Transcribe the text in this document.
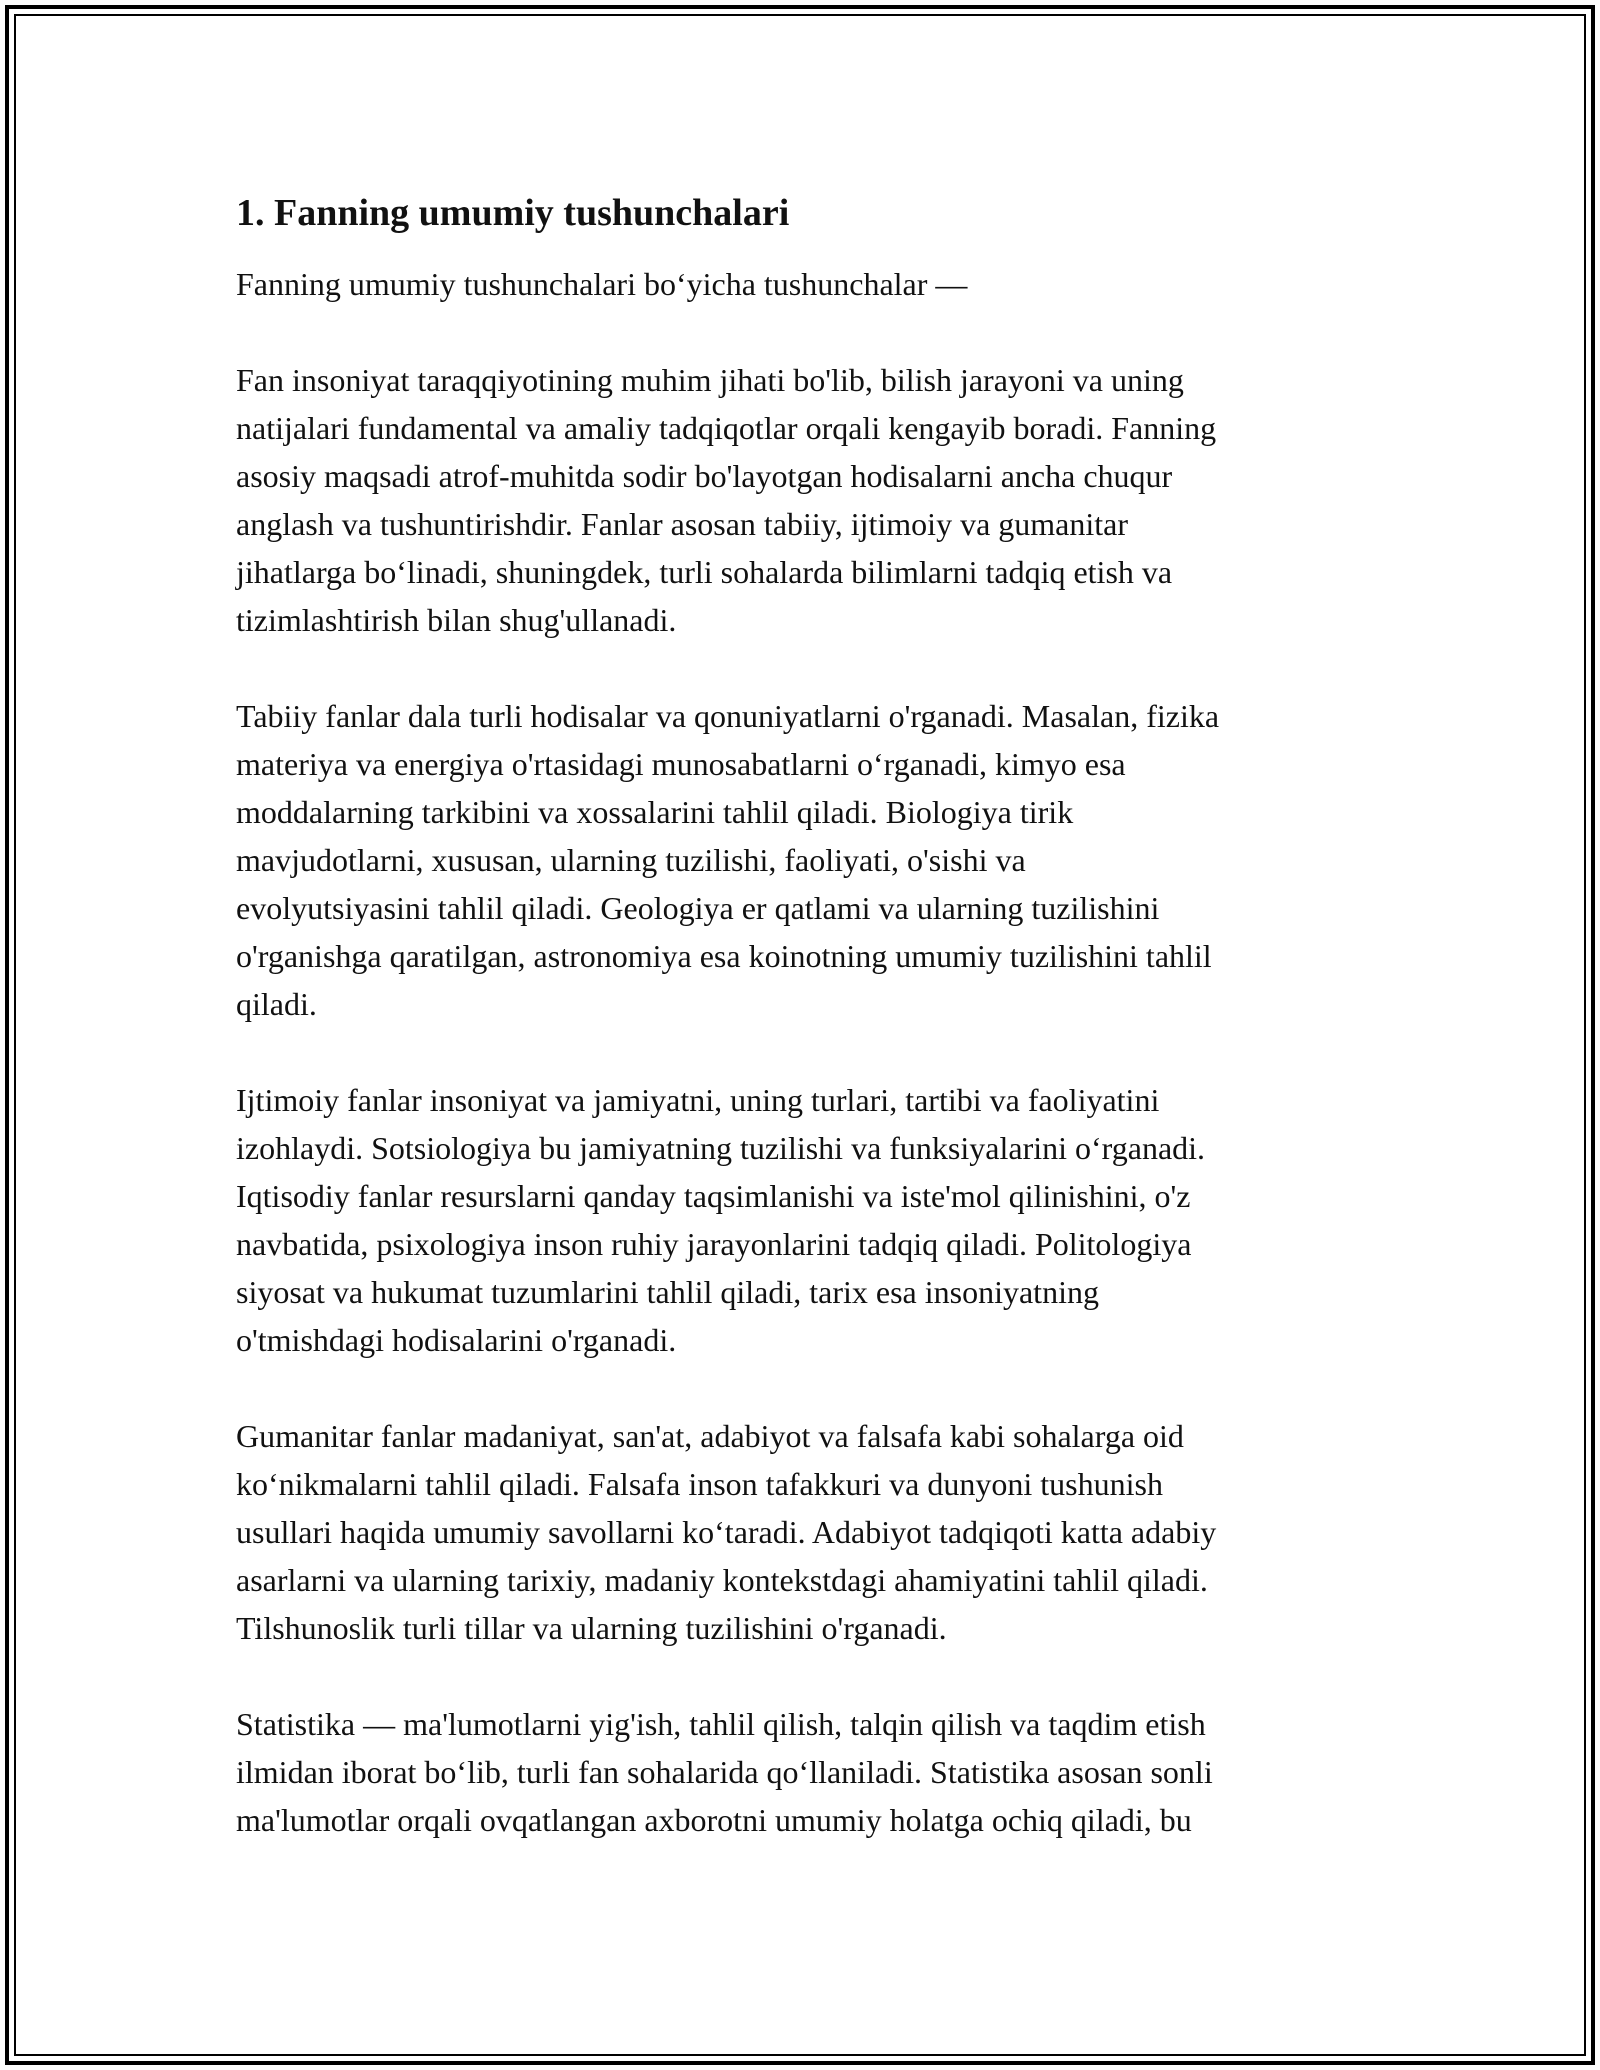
1. Fanning umumiy tushunchalari

Fanning umumiy tushunchalari bo‘yicha tushunchalar —

Fan insoniyat taraqqiyotining muhim jihati bo'lib, bilish jarayoni va uning
natijalari fundamental va amaliy tadqiqotlar orqali kengayib boradi. Fanning
asosiy maqsadi atrof-muhitda sodir bo'layotgan hodisalarni ancha chuqur
anglash va tushuntirishdir. Fanlar asosan tabiiy, ijtimoiy va gumanitar
jihatlarga bo‘linadi, shuningdek, turli sohalarda bilimlarni tadqiq etish va
tizimlashtirish bilan shug'ullanadi.

Tabiiy fanlar dala turli hodisalar va qonuniyatlarni o'rganadi. Masalan, fizika
materiya va energiya o'rtasidagi munosabatlarni o‘rganadi, kimyo esa
moddalarning tarkibini va xossalarini tahlil qiladi. Biologiya tirik
mavjudotlarni, xususan, ularning tuzilishi, faoliyati, o'sishi va
evolyutsiyasini tahlil qiladi. Geologiya er qatlami va ularning tuzilishini
o'rganishga qaratilgan, astronomiya esa koinotning umumiy tuzilishini tahlil
qiladi.

Ijtimoiy fanlar insoniyat va jamiyatni, uning turlari, tartibi va faoliyatini
izohlaydi. Sotsiologiya bu jamiyatning tuzilishi va funksiyalarini o‘rganadi.
Iqtisodiy fanlar resurslarni qanday taqsimlanishi va iste'mol qilinishini, o'z
navbatida, psixologiya inson ruhiy jarayonlarini tadqiq qiladi. Politologiya
siyosat va hukumat tuzumlarini tahlil qiladi, tarix esa insoniyatning
o'tmishdagi hodisalarini o'rganadi.

Gumanitar fanlar madaniyat, san'at, adabiyot va falsafa kabi sohalarga oid
ko‘nikmalarni tahlil qiladi. Falsafa inson tafakkuri va dunyoni tushunish
usullari haqida umumiy savollarni ko‘taradi. Adabiyot tadqiqoti katta adabiy
asarlarni va ularning tarixiy, madaniy kontekstdagi ahamiyatini tahlil qiladi.
Tilshunoslik turli tillar va ularning tuzilishini o'rganadi.

Statistika — ma'lumotlarni yig'ish, tahlil qilish, talqin qilish va taqdim etish
ilmidan iborat bo‘lib, turli fan sohalarida qo‘llaniladi. Statistika asosan sonli
ma'lumotlar orqali ovqatlangan axborotni umumiy holatga ochiq qiladi, bu
